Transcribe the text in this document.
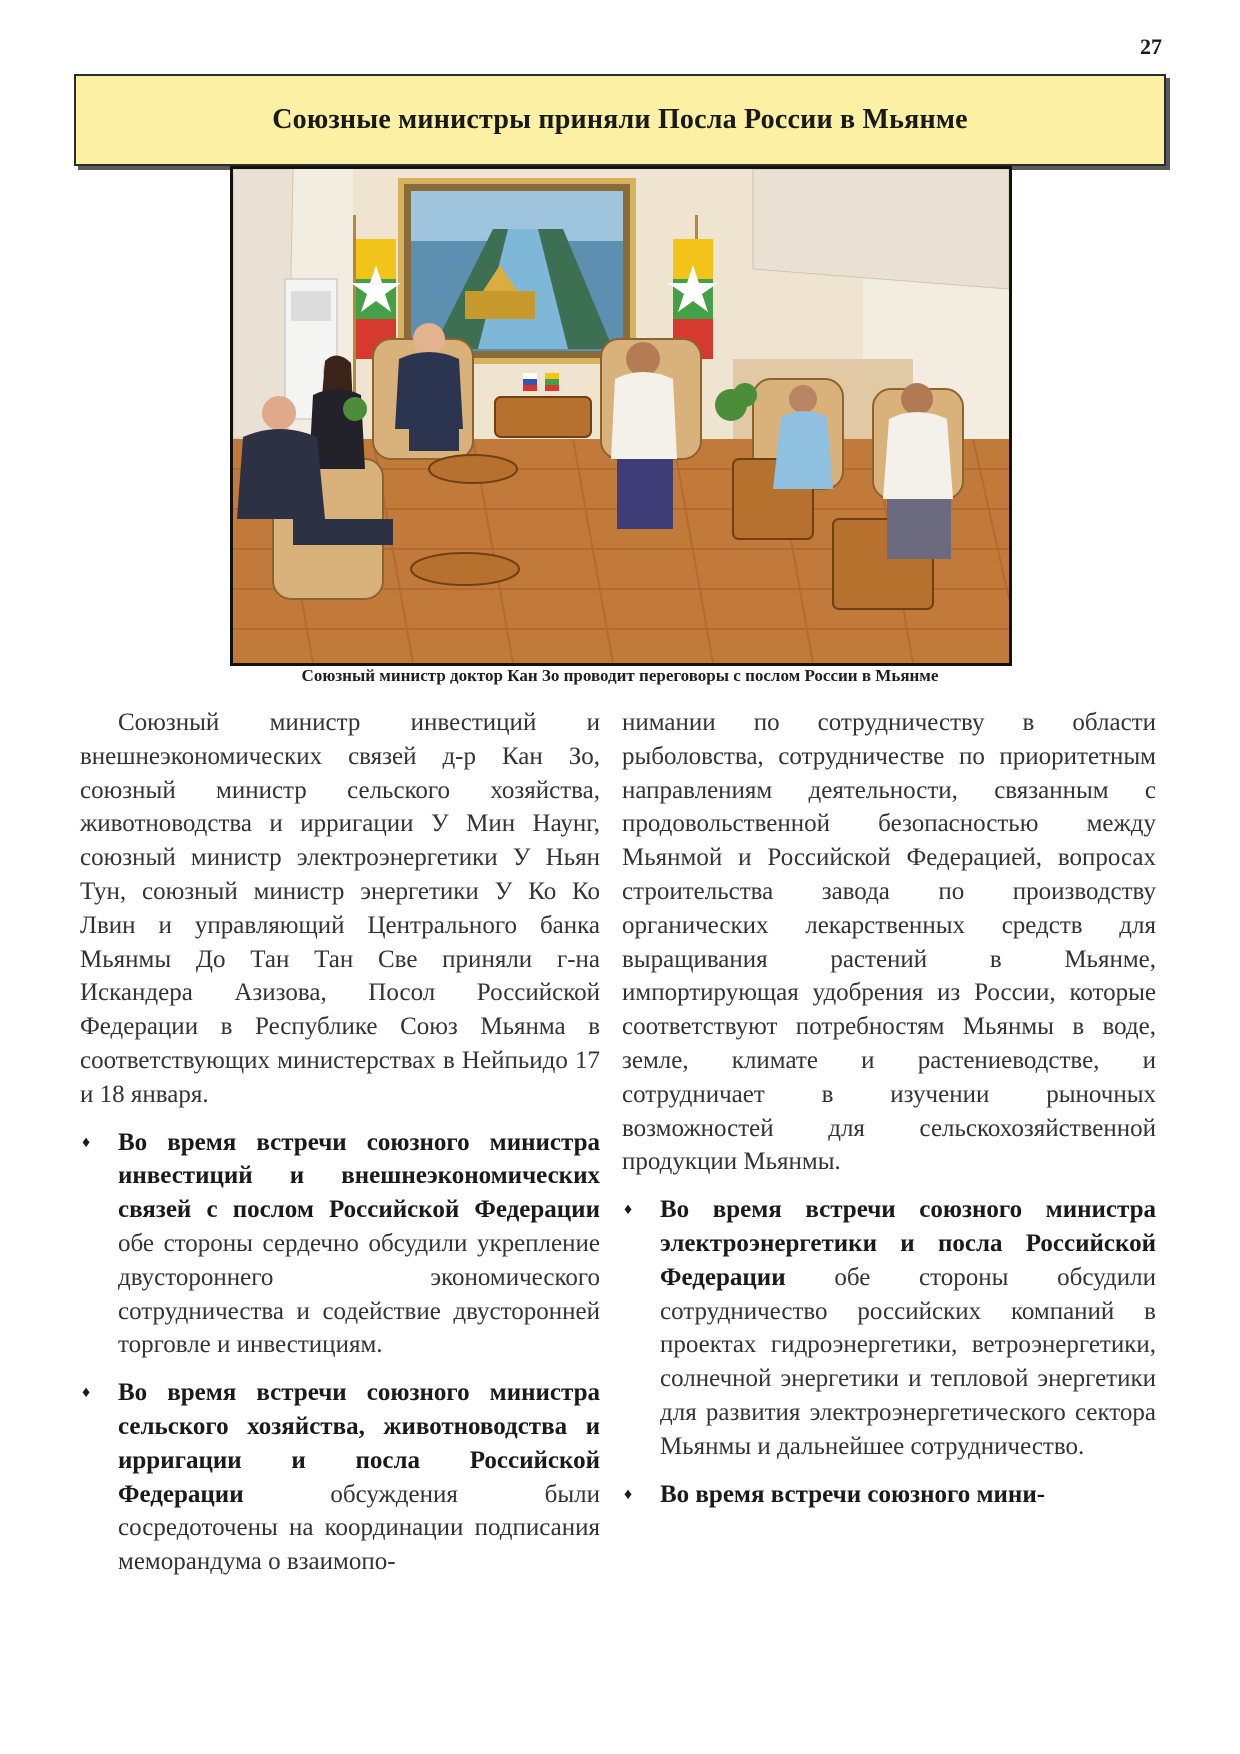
27
Союзные министры приняли Посла России в Мьянме
Союзный министр доктор Кан Зо проводит переговоры с послом России в Мьянме

Союзный министр инвестиций и внешнеэкономических связей д-р Кан Зо, союзный министр сельского хозяйства, животноводства и ирригации У Мин Наунг, союзный министр электроэнергетики У Ньян Тун, союзный министр энергетики У Ко Ко Лвин и управляющий Центрального банка Мьянмы До Тан Тан Све приняли г-на Искандера Азизова, Посол Российской Федерации в Республике Союз Мьянма в соответствующих министерствах в Нейпьидо 17 и 18 января.

♦ Во время встречи союзного министра инвестиций и внешнеэкономических связей с послом Российской Федерации обе стороны сердечно обсудили укрепление двустороннего экономического сотрудничества и содействие двусторонней торговле и инвестициям.
♦ Во время встречи союзного министра сельского хозяйства, животноводства и ирригации и посла Российской Федерации обсуждения были сосредоточены на координации подписания меморандума о взаимопо-

нимании по сотрудничеству в области рыболовства, сотрудничестве по приоритетным направлениям деятельности, связанным с продовольственной безопасностью между Мьянмой и Российской Федерацией, вопросах строительства завода по производству органических лекарственных средств для выращивания растений в Мьянме, импортирующая удобрения из России, которые соответствуют потребностям Мьянмы в воде, земле, климате и растениеводстве, и сотрудничает в изучении рыночных возможностей для сельскохозяйственной продукции Мьянмы.

♦ Во время встречи союзного министра электроэнергетики и посла Российской Федерации обе стороны обсудили сотрудничество российских компаний в проектах гидроэнергетики, ветроэнергетики, солнечной энергетики и тепловой энергетики для развития электроэнергетического сектора Мьянмы и дальнейшее сотрудничество.
♦ Во время встречи союзного мини-
